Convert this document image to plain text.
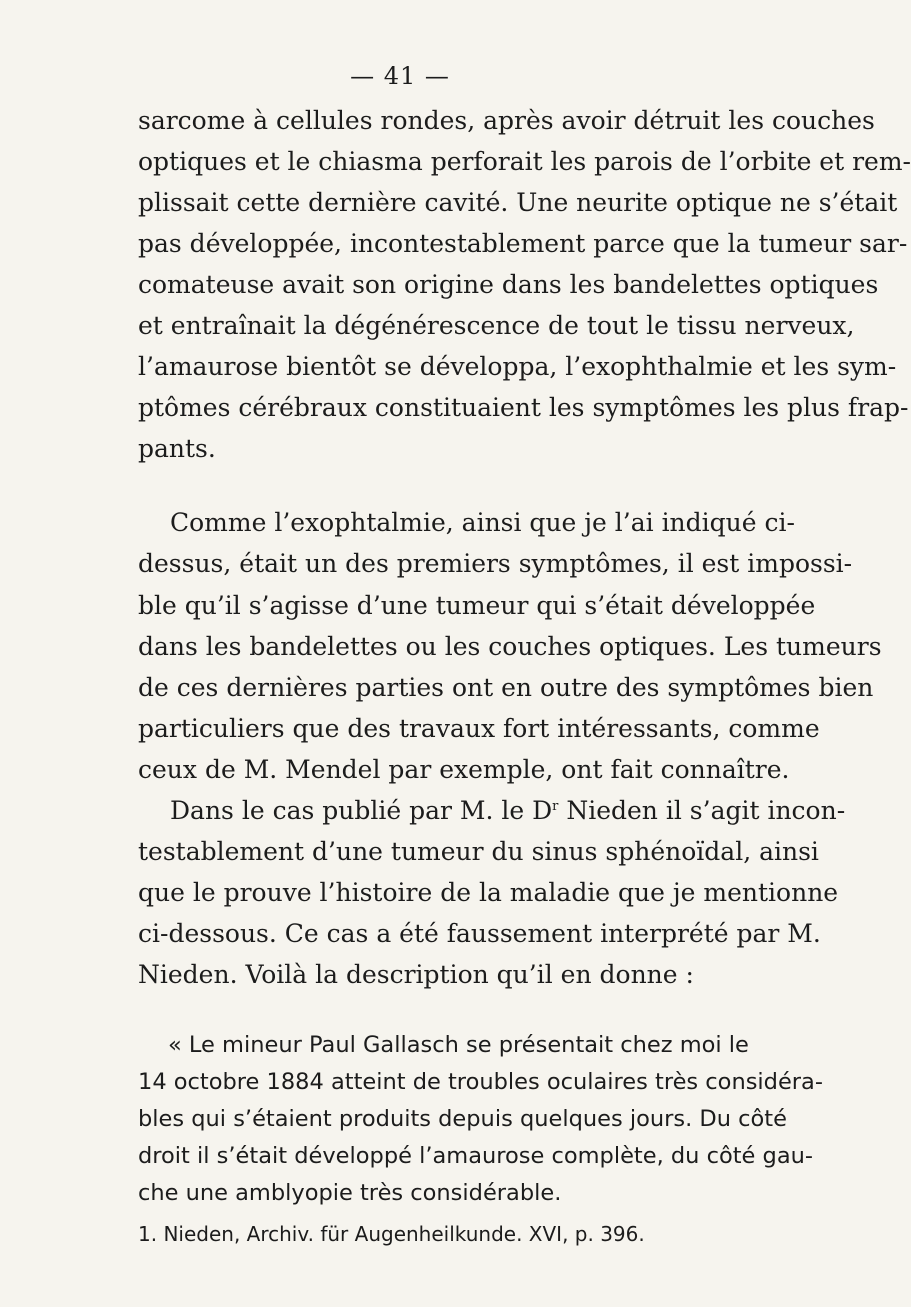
— 41 —
sarcome à cellules rondes, après avoir détruit les couches
optiques et le chiasma perforait les parois de l’orbite et rem-
plissait cette dernière cavité. Une neurite optique ne s’était
pas développée, incontestablement parce que la tumeur sar-
comateuse avait son origine dans les bandelettes optiques
et entraînait la dégénérescence de tout le tissu nerveux,
l’amaurose bientôt se développa, l’exophthalmie et les sym-
ptômes cérébraux constituaient les symptômes les plus frap-
pants.
Comme l’exophtalmie, ainsi que je l’ai indiqué ci-
dessus, était un des premiers symptômes, il est impossi-
ble qu’il s’agisse d’une tumeur qui s’était développée
dans les bandelettes ou les couches optiques. Les tumeurs
de ces dernières parties ont en outre des symptômes bien
particuliers que des travaux fort intéressants, comme
ceux de M. Mendel par exemple, ont fait connaître.
Dans le cas publié par M. le $D^r$ Nieden il s’agit incon-
testablement d’une tumeur du sinus sphénoïdal, ainsi
que le prouve l’histoire de la maladie que je mentionne
ci-dessous. Ce cas a été faussement interprété par M.
Nieden. Voilà la description qu’il en donne :
« Le mineur Paul Gallasch se présentait chez moi le
14 octobre 1884 atteint de troubles oculaires très considéra-
bles qui s’étaient produits depuis quelques jours. Du côté
droit il s’était développé l’amaurose complète, du côté gau-
che une amblyopie très considérable.
1. Nieden, Archiv. für Augenheilkunde. XVI, p. 396.
